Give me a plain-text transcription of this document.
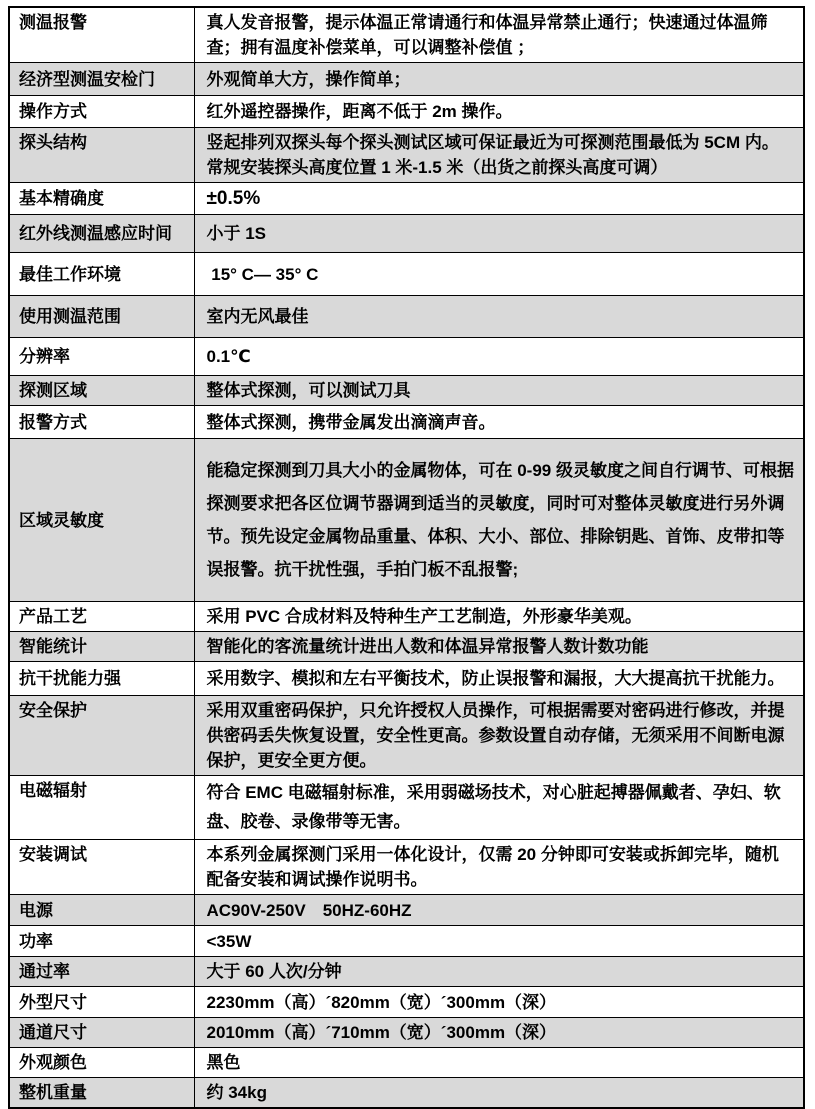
测温报警	真人发音报警，提示体温正常请通行和体温异常禁止通行；快速通过体温筛查；拥有温度补偿菜单，可以调整补偿值 ；
经济型测温安检门	外观简单大方，操作简单；
操作方式	红外遥控器操作，距离不低于 2m 操作。
探头结构	竖起排列双探头每个探头测试区域可保证最近为可探测范围最低为 5CM 内。常规安装探头高度位置 1 米-1.5 米（出货之前探头高度可调）
基本精确度	±0.5%
红外线测温感应时间	小于 1S
最佳工作环境	15° C— 35° C
使用测温范围	室内无风最佳
分辨率	0.1℃
探测区域	整体式探测，可以测试刀具
报警方式	整体式探测，携带金属发出滴滴声音。
区域灵敏度	能稳定探测到刀具大小的金属物体，可在 0-99 级灵敏度之间自行调节、可根据探测要求把各区位调节器调到适当的灵敏度，同时可对整体灵敏度进行另外调节。预先设定金属物品重量、体积、大小、部位、排除钥匙、首饰、皮带扣等误报警。抗干扰性强，手拍门板不乱报警;
产品工艺	采用 PVC 合成材料及特种生产工艺制造，外形豪华美观。
智能统计	智能化的客流量统计进出人数和体温异常报警人数计数功能
抗干扰能力强	采用数字、模拟和左右平衡技术，防止误报警和漏报，大大提高抗干扰能力。
安全保护	采用双重密码保护，只允许授权人员操作，可根据需要对密码进行修改，并提供密码丢失恢复设置，安全性更高。参数设置自动存储，无须采用不间断电源保护，更安全更方便。
电磁辐射	符合 EMC 电磁辐射标准，采用弱磁场技术，对心脏起搏器佩戴者、孕妇、软盘、胶卷、录像带等无害。
安装调试	本系列金属探测门采用一体化设计，仅需 20 分钟即可安装或拆卸完毕，随机配备安装和调试操作说明书。
电源	AC90V-250V　50HZ-60HZ
功率	<35W
通过率	大于 60 人次/分钟
外型尺寸	2230mm（高）´820mm（宽）´300mm（深）
通道尺寸	2010mm（高）´710mm（宽）´300mm（深）
外观颜色	黑色
整机重量	约 34kg
